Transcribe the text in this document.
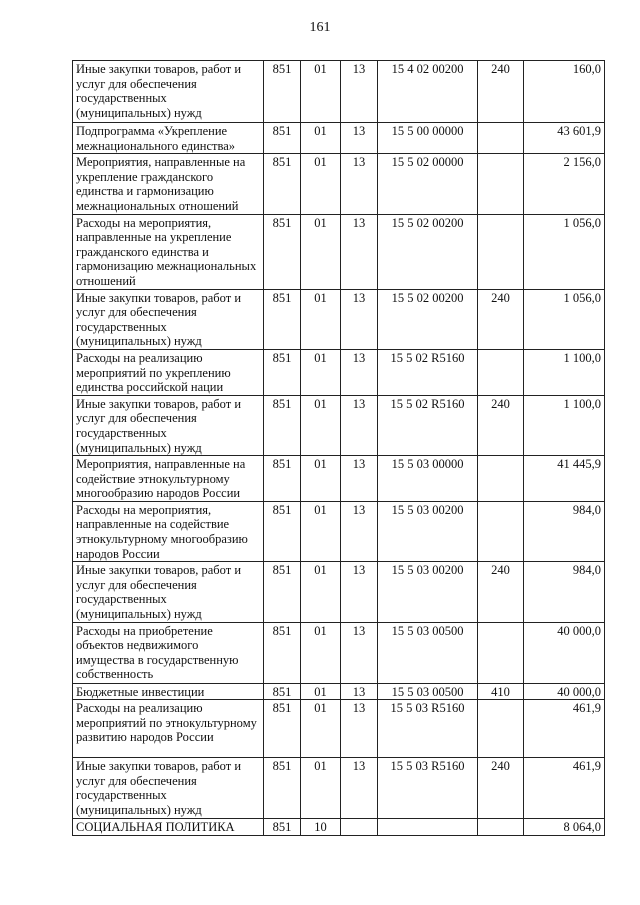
161
Иные закупки товаров, работ и услуг для обеспечения государственных (муниципальных) нужд	851	01	13	15 4 02 00200	240	160,0
Подпрограмма «Укрепление межнационального единства»	851	01	13	15 5 00 00000		43 601,9
Мероприятия, направленные на укрепление гражданского единства и гармонизацию межнациональных отношений	851	01	13	15 5 02 00000		2 156,0
Расходы на мероприятия, направленные на укрепление гражданского единства и гармонизацию межнациональных отношений	851	01	13	15 5 02 00200		1 056,0
Иные закупки товаров, работ и услуг для обеспечения государственных (муниципальных) нужд	851	01	13	15 5 02 00200	240	1 056,0
Расходы на реализацию мероприятий по укреплению единства российской нации	851	01	13	15 5 02 R5160		1 100,0
Иные закупки товаров, работ и услуг для обеспечения государственных (муниципальных) нужд	851	01	13	15 5 02 R5160	240	1 100,0
Мероприятия, направленные на содействие этнокультурному многообразию народов России	851	01	13	15 5 03 00000		41 445,9
Расходы на мероприятия, направленные на содействие этнокультурному многообразию народов России	851	01	13	15 5 03 00200		984,0
Иные закупки товаров, работ и услуг для обеспечения государственных (муниципальных) нужд	851	01	13	15 5 03 00200	240	984,0
Расходы на приобретение объектов недвижимого имущества в государственную собственность	851	01	13	15 5 03 00500		40 000,0
Бюджетные инвестиции	851	01	13	15 5 03 00500	410	40 000,0
Расходы на реализацию мероприятий по этнокультурному развитию народов России	851	01	13	15 5 03 R5160		461,9
Иные закупки товаров, работ и услуг для обеспечения государственных (муниципальных) нужд	851	01	13	15 5 03 R5160	240	461,9
СОЦИАЛЬНАЯ ПОЛИТИКА	851	10				8 064,0
